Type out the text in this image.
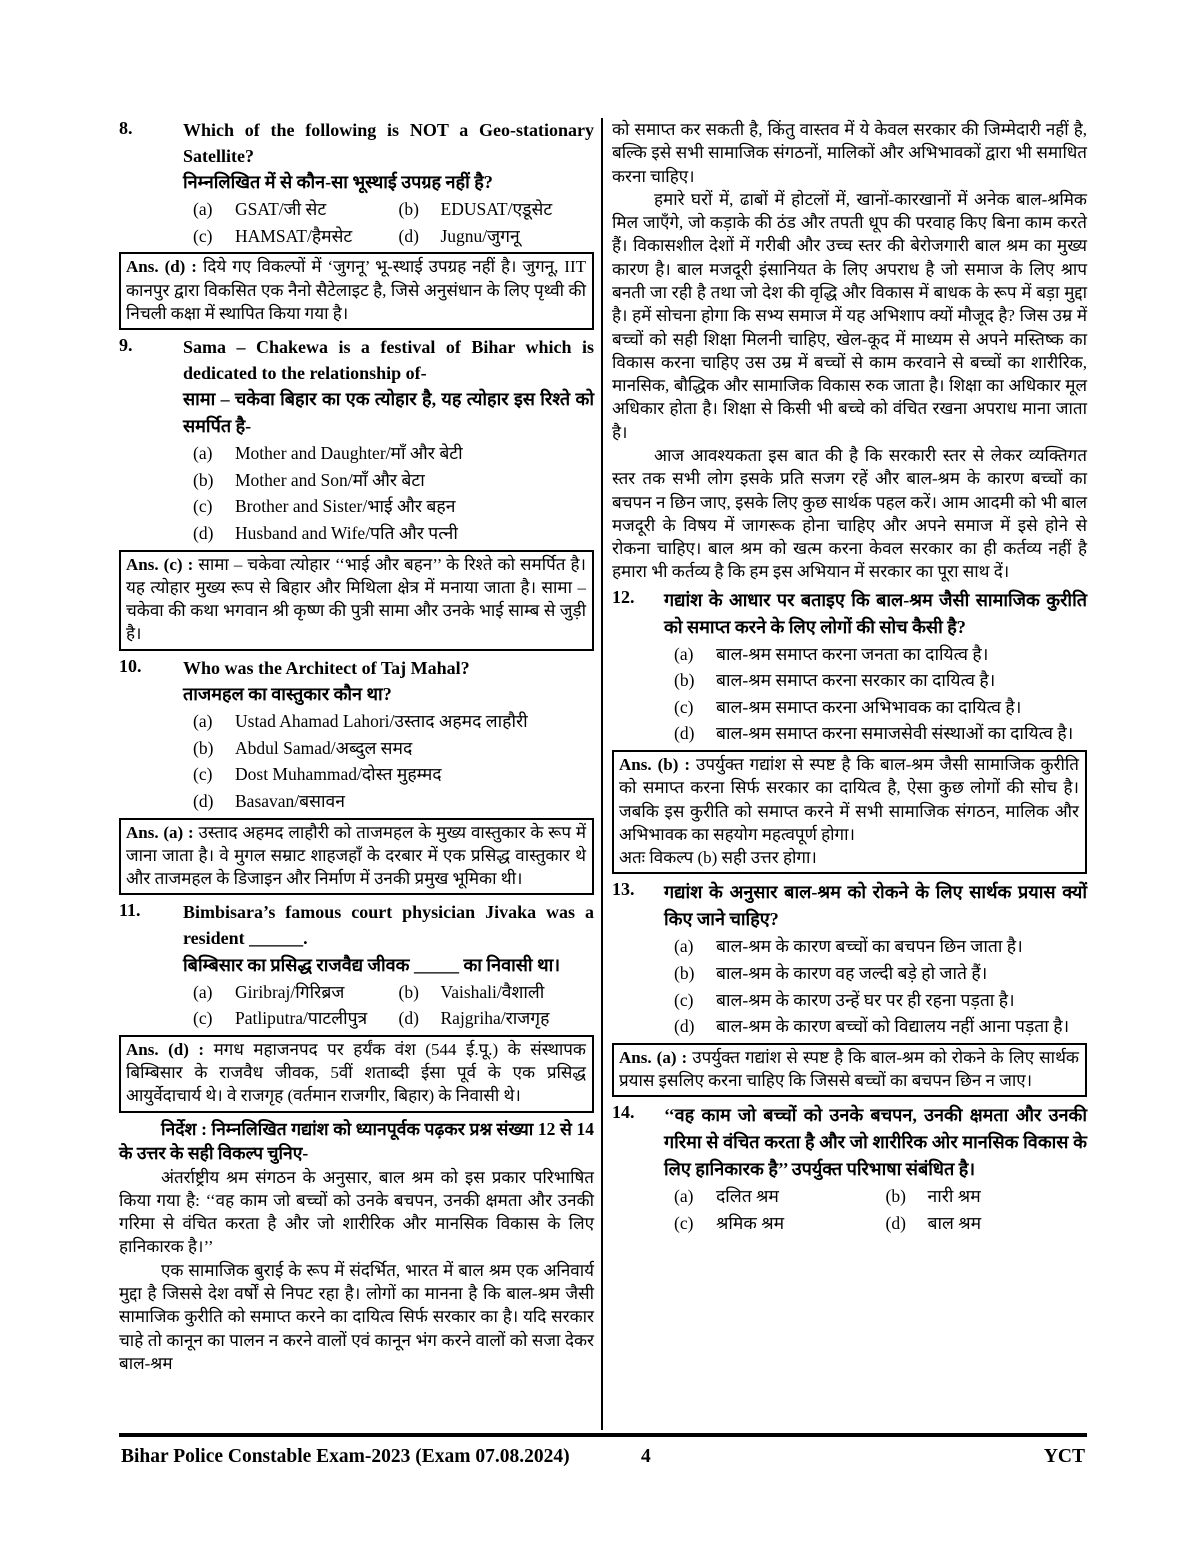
8.	Which of the following is NOT a Geo-stationary Satellite?
निम्नलिखित में से कौन-सा भूस्थाई उपग्रह नहीं है?
(a)	GSAT/जी सेट	(b)	EDUSAT/एडूसेट
(c)	HAMSAT/हैमसेट	(d)	Jugnu/जुगनू
Ans. (d) : दिये गए विकल्पों में ‘जुगनू’ भू-स्थाई उपग्रह नहीं है। जुगनू, IIT कानपुर द्वारा विकसित एक नैनो सैटेलाइट है, जिसे अनुसंधान के लिए पृथ्वी की निचली कक्षा में स्थापित किया गया है।
9.	Sama – Chakewa is a festival of Bihar which is dedicated to the relationship of-
सामा – चकेवा बिहार का एक त्योहार है, यह त्योहार इस रिश्ते को समर्पित है-
(a)	Mother and Daughter/माँ और बेटी
(b)	Mother and Son/माँ और बेटा
(c)	Brother and Sister/भाई और बहन
(d)	Husband and Wife/पति और पत्नी
Ans. (c) : सामा – चकेवा त्योहार ‘‘भाई और बहन’’ के रिश्ते को समर्पित है। यह त्योहार मुख्य रूप से बिहार और मिथिला क्षेत्र में मनाया जाता है। सामा – चकेवा की कथा भगवान श्री कृष्ण की पुत्री सामा और उनके भाई साम्ब से जुड़ी है।
10. Who was the Architect of Taj Mahal?
ताजमहल का वास्तुकार कौन था?
(a)	Ustad Ahamad Lahori/उस्ताद अहमद लाहौरी
(b)	Abdul Samad/अब्दुल समद
(c)	Dost Muhammad/दोस्त मुहम्मद
(d)	Basavan/बसावन
Ans. (a) : उस्ताद अहमद लाहौरी को ताजमहल के मुख्य वास्तुकार के रूप में जाना जाता है। वे मुगल सम्राट शाहजहाँ के दरबार में एक प्रसिद्ध वास्तुकार थे और ताजमहल के डिजाइन और निर्माण में उनकी प्रमुख भूमिका थी।
11. Bimbisara’s famous court physician Jivaka was a resident ______.
बिम्बिसार का प्रसिद्ध राजवैद्य जीवक _____ का निवासी था।
(a)	Giribraj/गिरिब्रज	(b)	Vaishali/वैशाली
(c)	Patliputra/पाटलीपुत्र	(d)	Rajgriha/राजगृह
Ans. (d) : मगध महाजनपद पर हर्यंक वंश (544 ई.पू.) के संस्थापक बिम्बिसार के राजवैध जीवक, 5वीं शताब्दी ईसा पूर्व के एक प्रसिद्ध आयुर्वेदाचार्य थे। वे राजगृह (वर्तमान राजगीर, बिहार) के निवासी थे।
निर्देश : निम्नलिखित गद्यांश को ध्यानपूर्वक पढ़कर प्रश्न संख्या 12 से 14 के उत्तर के सही विकल्प चुनिए-
अंतर्राष्ट्रीय श्रम संगठन के अनुसार, बाल श्रम को इस प्रकार परिभाषित किया गया है: ‘‘वह काम जो बच्चों को उनके बचपन, उनकी क्षमता और उनकी गरिमा से वंचित करता है और जो शारीरिक और मानसिक विकास के लिए हानिकारक है।’’
एक सामाजिक बुराई के रूप में संदर्भित, भारत में बाल श्रम एक अनिवार्य मुद्दा है जिससे देश वर्षों से निपट रहा है। लोगों का मानना है कि बाल-श्रम जैसी सामाजिक कुरीति को समाप्त करने का दायित्व सिर्फ सरकार का है। यदि सरकार चाहे तो कानून का पालन न करने वालों एवं कानून भंग करने वालों को सजा देकर बाल-श्रम
को समाप्त कर सकती है, किंतु वास्तव में ये केवल सरकार की जिम्मेदारी नहीं है, बल्कि इसे सभी सामाजिक संगठनों, मालिकों और अभिभावकों द्वारा भी समाधित करना चाहिए।
हमारे घरों में, ढाबों में होटलों में, खानों-कारखानों में अनेक बाल-श्रमिक मिल जाएँगे, जो कड़ाके की ठंड और तपती धूप की परवाह किए बिना काम करते हैं। विकासशील देशों में गरीबी और उच्च स्तर की बेरोजगारी बाल श्रम का मुख्य कारण है। बाल मजदूरी इंसानियत के लिए अपराध है जो समाज के लिए श्राप बनती जा रही है तथा जो देश की वृद्धि और विकास में बाधक के रूप में बड़ा मुद्दा है। हमें सोचना होगा कि सभ्य समाज में यह अभिशाप क्यों मौजूद है? जिस उम्र में बच्चों को सही शिक्षा मिलनी चाहिए, खेल-कूद में माध्यम से अपने मस्तिष्क का विकास करना चाहिए उस उम्र में बच्चों से काम करवाने से बच्चों का शारीरिक, मानसिक, बौद्धिक और सामाजिक विकास रुक जाता है। शिक्षा का अधिकार मूल अधिकार होता है। शिक्षा से किसी भी बच्चे को वंचित रखना अपराध माना जाता है।
आज आवश्यकता इस बात की है कि सरकारी स्तर से लेकर व्यक्तिगत स्तर तक सभी लोग इसके प्रति सजग रहें और बाल-श्रम के कारण बच्चों का बचपन न छिन जाए, इसके लिए कुछ सार्थक पहल करें। आम आदमी को भी बाल मजदूरी के विषय में जागरूक होना चाहिए और अपने समाज में इसे होने से रोकना चाहिए। बाल श्रम को खत्म करना केवल सरकार का ही कर्तव्य नहीं है हमारा भी कर्तव्य है कि हम इस अभियान में सरकार का पूरा साथ दें।
12. गद्यांश के आधार पर बताइए कि बाल-श्रम जैसी सामाजिक कुरीति को समाप्त करने के लिए लोगों की सोच कैसी है?
(a)	बाल-श्रम समाप्त करना जनता का दायित्व है।
(b)	बाल-श्रम समाप्त करना सरकार का दायित्व है।
(c)	बाल-श्रम समाप्त करना अभिभावक का दायित्व है।
(d)	बाल-श्रम समाप्त करना समाजसेवी संस्थाओं का दायित्व है।
Ans. (b) : उपर्युक्त गद्यांश से स्पष्ट है कि बाल-श्रम जैसी सामाजिक कुरीति को समाप्त करना सिर्फ सरकार का दायित्व है, ऐसा कुछ लोगों की सोच है। जबकि इस कुरीति को समाप्त करने में सभी सामाजिक संगठन, मालिक और अभिभावक का सहयोग महत्वपूर्ण होगा।
अतः विकल्प (b) सही उत्तर होगा।
13. गद्यांश के अनुसार बाल-श्रम को रोकने के लिए सार्थक प्रयास क्यों किए जाने चाहिए?
(a)	बाल-श्रम के कारण बच्चों का बचपन छिन जाता है।
(b)	बाल-श्रम के कारण वह जल्दी बड़े हो जाते हैं।
(c)	बाल-श्रम के कारण उन्हें घर पर ही रहना पड़ता है।
(d)	बाल-श्रम के कारण बच्चों को विद्यालय नहीं आना पड़ता है।
Ans. (a) : उपर्युक्त गद्यांश से स्पष्ट है कि बाल-श्रम को रोकने के लिए सार्थक प्रयास इसलिए करना चाहिए कि जिससे बच्चों का बचपन छिन न जाए।
14. ‘‘वह काम जो बच्चों को उनके बचपन, उनकी क्षमता और उनकी गरिमा से वंचित करता है और जो शारीरिक ओर मानसिक विकास के लिए हानिकारक है’’ उपर्युक्त परिभाषा संबंधित है।
(a)	दलित श्रम	(b)	नारी श्रम
(c)	श्रमिक श्रम	(d)	बाल श्रम
Bihar Police Constable Exam-2023 (Exam 07.08.2024)	4	YCT
